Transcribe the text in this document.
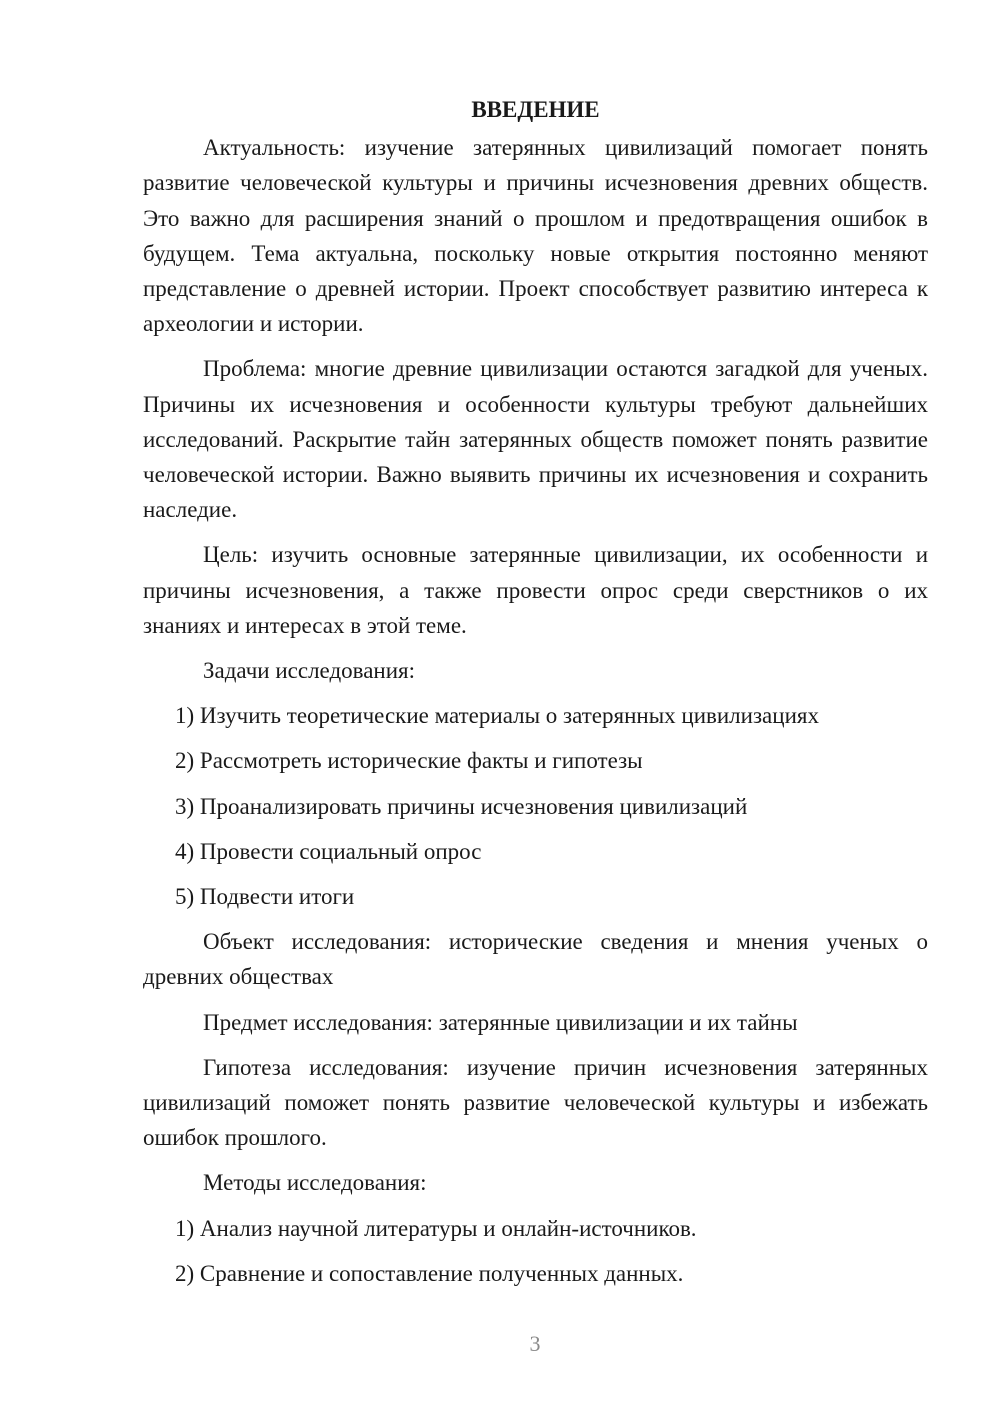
ВВЕДЕНИЕ

Актуальность: изучение затерянных цивилизаций помогает понять развитие человеческой культуры и причины исчезновения древних обществ. Это важно для расширения знаний о прошлом и предотвращения ошибок в будущем. Тема актуальна, поскольку новые открытия постоянно меняют представление о древней истории. Проект способствует развитию интереса к археологии и истории.

Проблема: многие древние цивилизации остаются загадкой для ученых. Причины их исчезновения и особенности культуры требуют дальнейших исследований. Раскрытие тайн затерянных обществ поможет понять развитие человеческой истории. Важно выявить причины их исчезновения и сохранить наследие.

Цель: изучить основные затерянные цивилизации, их особенности и причины исчезновения, а также провести опрос среди сверстников о их знаниях и интересах в этой теме.

Задачи исследования:

1) Изучить теоретические материалы о затерянных цивилизациях
2) Рассмотреть исторические факты и гипотезы
3) Проанализировать причины исчезновения цивилизаций
4) Провести социальный опрос
5) Подвести итоги

Объект исследования: исторические сведения и мнения ученых о древних обществах

Предмет исследования: затерянные цивилизации и их тайны

Гипотеза исследования: изучение причин исчезновения затерянных цивилизаций поможет понять развитие человеческой культуры и избежать ошибок прошлого.

Методы исследования:

1) Анализ научной литературы и онлайн-источников.
2) Сравнение и сопоставление полученных данных.
3
